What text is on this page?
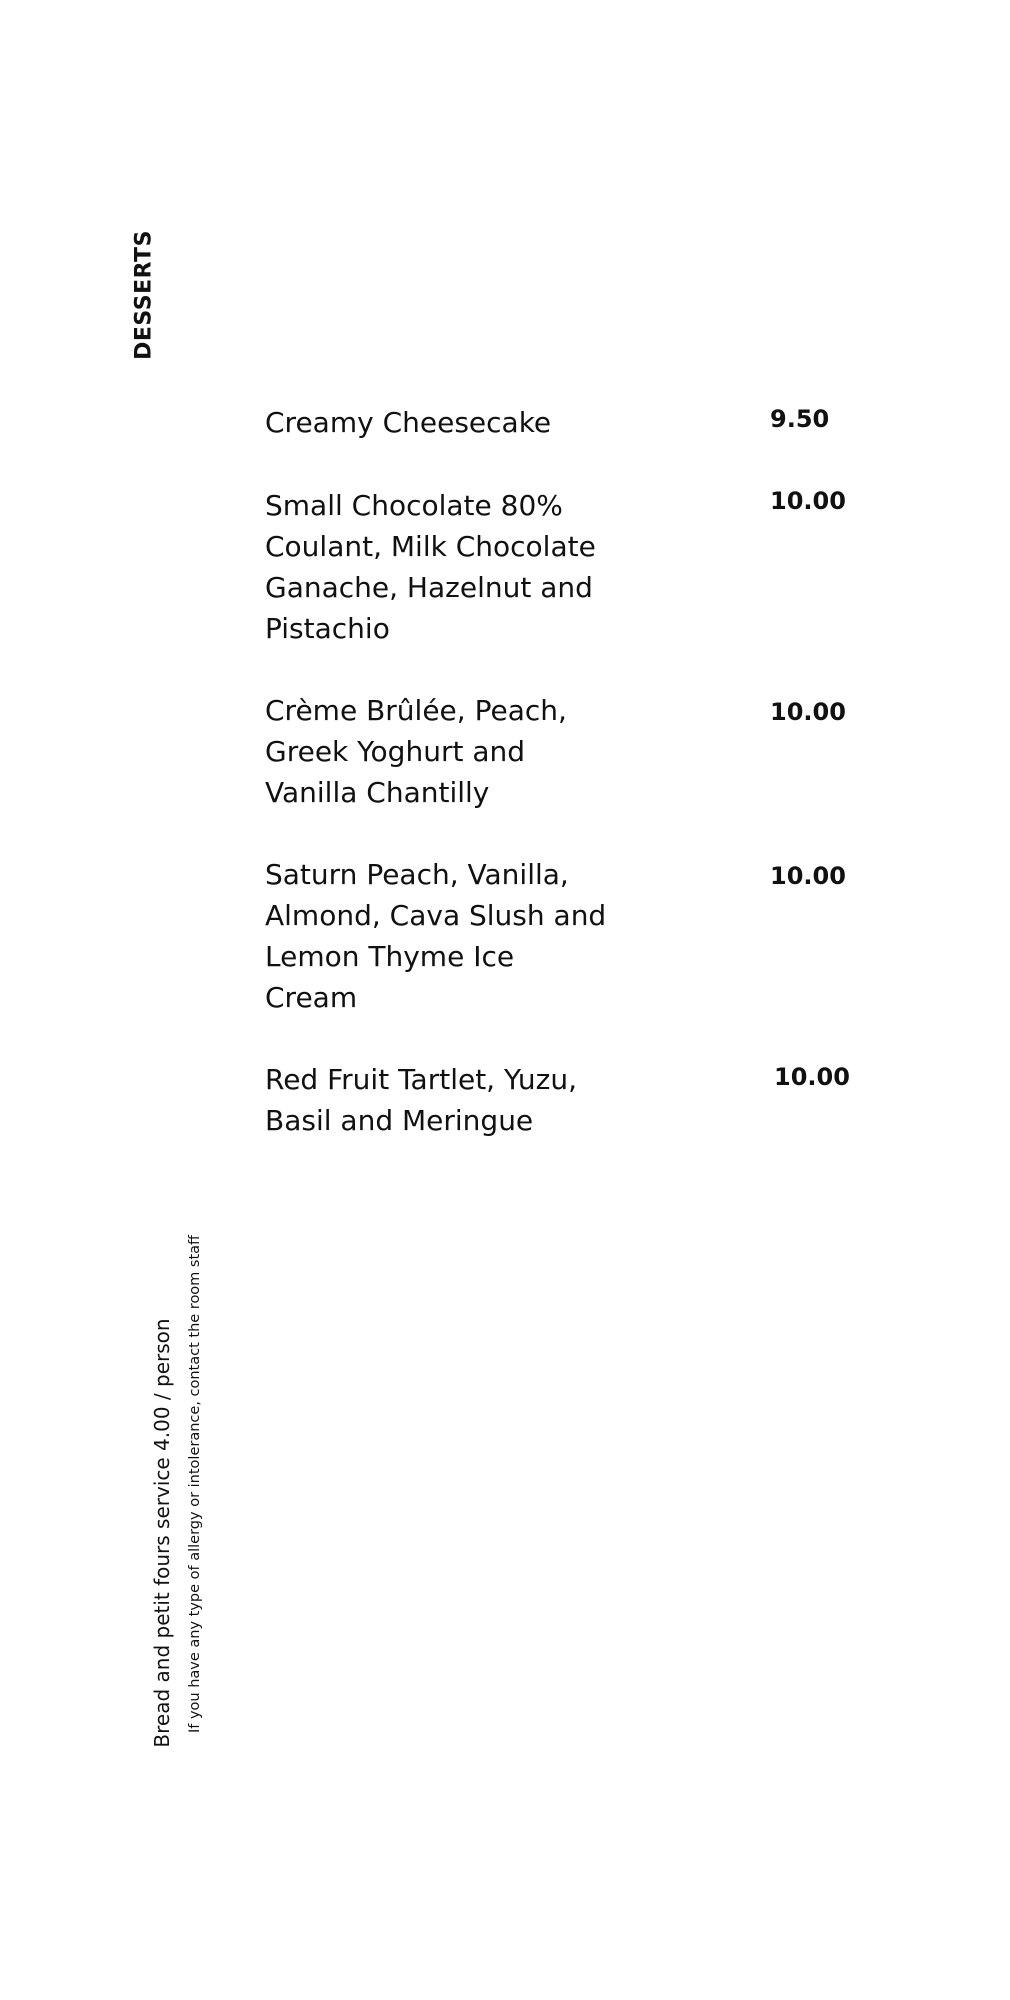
DESSERTS
Creamy Cheesecake	9.50
Small Chocolate 80% Coulant, Milk Chocolate Ganache, Hazelnut and Pistachio
10.00
Crème Brûlée, Peach, Greek Yoghurt and Vanilla Chantilly
10.00
Saturn Peach, Vanilla, Almond, Cava Slush and Lemon Thyme Ice Cream
10.00
Red Fruit Tartlet, Yuzu, Basil and Meringue
10.00
Bread and petit fours service 4.00 / person If you have any type of allergy or intolerance, contact the room staff
